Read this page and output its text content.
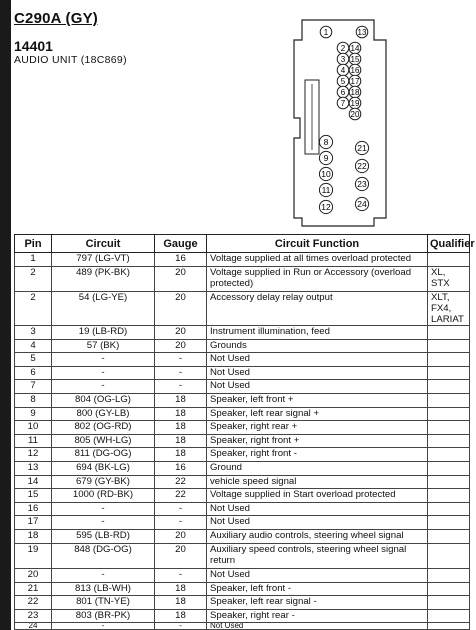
C290A (GY)
14401
AUDIO UNIT (18C869)
1
2
3
4
5
6
7
8
9
10
11
12
13
14
15
16
17
18
19
20
21
22
23
24
Pin	Circuit	Gauge	Circuit Function	Qualifier
1	797 (LG-VT)	16	Voltage supplied at all times overload protected	
2	489 (PK-BK)	20	Voltage supplied in Run or Accessory (overload protected)	XL, STX
2	54 (LG-YE)	20	Accessory delay relay output	XLT, FX4, LARIAT
3	19 (LB-RD)	20	Instrument illumination, feed	
4	57 (BK)	20	Grounds	
5	-	-	Not Used	
6	-	-	Not Used	
7	-	-	Not Used	
8	804 (OG-LG)	18	Speaker, left front +	
9	800 (GY-LB)	18	Speaker, left rear signal +	
10	802 (OG-RD)	18	Speaker, right rear +	
11	805 (WH-LG)	18	Speaker, right front +	
12	811 (DG-OG)	18	Speaker, right front -	
13	694 (BK-LG)	16	Ground	
14	679 (GY-BK)	22	vehicle speed signal	
15	1000 (RD-BK)	22	Voltage supplied in Start overload protected	
16	-	-	Not Used	
17	-	-	Not Used	
18	595 (LB-RD)	20	Auxiliary audio controls, steering wheel signal	
19	848 (DG-OG)	20	Auxiliary speed controls, steering wheel signal return	
20	-	-	Not Used	
21	813 (LB-WH)	18	Speaker, left front -	
22	801 (TN-YE)	18	Speaker, left rear signal -	
23	803 (BR-PK)	18	Speaker, right rear -	
24	-	-	Not Used	
